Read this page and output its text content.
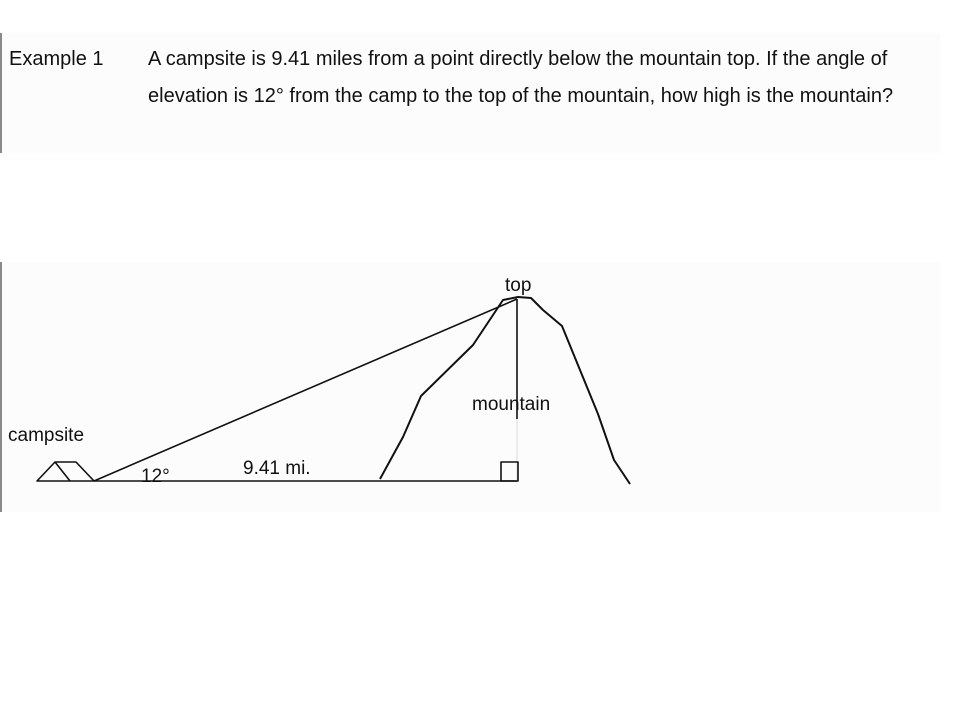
Example 1 A campsite is 9.41 miles from a point directly below the mountain top. If the angle of
elevation is 12° from the camp to the top of the mountain, how high is the mountain?
top
mountain
campsite
12°	9.41 mi.
